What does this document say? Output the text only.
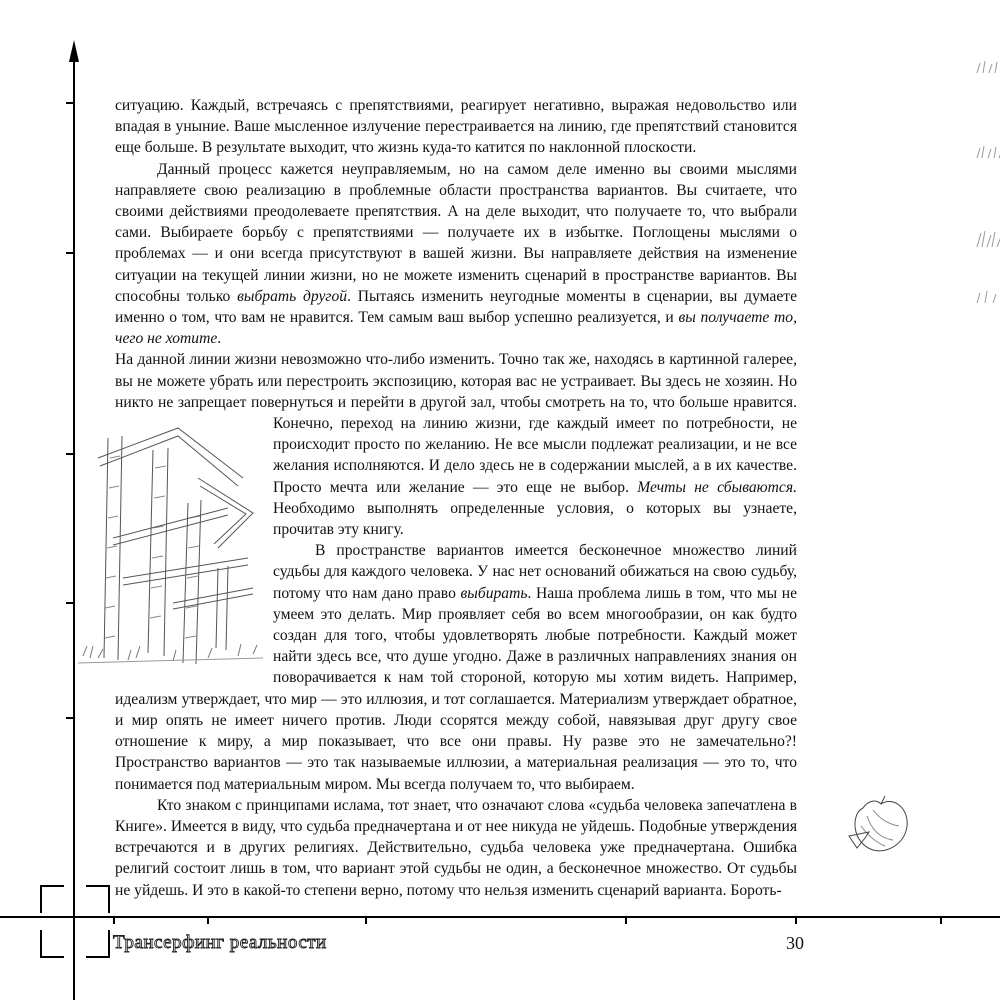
ситуацию. Каждый, встречаясь с препятствиями, реагирует негативно, выражая недовольство или впадая в уныние. Ваше мысленное излучение перестраивается на линию, где препятствий становится еще больше. В результате выходит, что жизнь куда-то катится по наклонной плоскости.

Данный процесс кажется неуправляемым, но на самом деле именно вы своими мыслями направляете свою реализацию в проблемные области пространства вариантов. Вы считаете, что своими действиями преодолеваете препятствия. А на деле выходит, что получаете то, что выбрали сами. Выбираете борьбу с препятствиями — получаете их в избытке. Поглощены мыслями о проблемах — и они всегда присутствуют в вашей жизни. Вы направляете действия на изменение ситуации на текущей линии жизни, но не можете изменить сценарий в пространстве вариантов. Вы способны только выбрать другой. Пытаясь изменить неугодные моменты в сценарии, вы думаете именно о том, что вам не нравится. Тем самым ваш выбор успешно реализуется, и вы получаете то, чего не хотите.

На данной линии жизни невозможно что-либо изменить. Точно так же, находясь в картинной галерее, вы не можете убрать или перестроить экспозицию, которая вас не устраивает. Вы здесь не хозяин. Но никто не запрещает повернуться и перейти в другой зал, чтобы смотреть на то, что больше
нравится. Конечно, переход на линию жизни, где каждый имеет по потребности, не происходит просто по желанию. Не все мысли подлежат реализации, и не все желания исполняются. И дело здесь не в содержании мыслей, а в их качестве. Просто мечта или желание — это еще не выбор. Мечты не сбываются. Необходимо выполнять определенные условия, о которых вы узнаете, прочитав эту книгу.

В пространстве вариантов имеется бесконечное множество линий судьбы для каждого человека. У нас нет оснований обижаться на свою судьбу, потому что нам дано право выбирать. Наша проблема лишь в том, что мы не умеем это делать. Мир проявляет себя во всем многообразии, он как будто создан для того, чтобы удовлетворять любые потребности. Каждый может найти здесь все, что душе угодно. Даже в различных направлениях знания он поворачивается к нам той стороной, которую мы хотим видеть. Например, идеализм утверждает, что мир — это иллюзия, и тот соглашается. Материализм утверждает обратное, и мир опять не имеет ничего против. Люди ссорятся между собой, навязывая друг другу свое отношение к миру, а мир показывает, что все они правы. Ну разве это не замечательно?! Пространство вариантов — это так называемые иллюзии, а материальная реализация — это то, что понимается под материальным миром. Мы всегда получаем то, что выбираем.

Кто знаком с принципами ислама, тот знает, что означают слова «судьба человека запечатлена в Книге». Имеется в виду, что судьба предначертана и от нее никуда не уйдешь. Подобные утверждения встречаются и в других религиях. Действительно, судьба человека уже предначертана. Ошибка религий состоит лишь в том, что вариант этой судьбы не один, а бесконечное множество. От судьбы не уйдешь. И это в какой-то степени верно, потому что нельзя изменить сценарий варианта. Бороть-

Трансерфинг реальности	30
